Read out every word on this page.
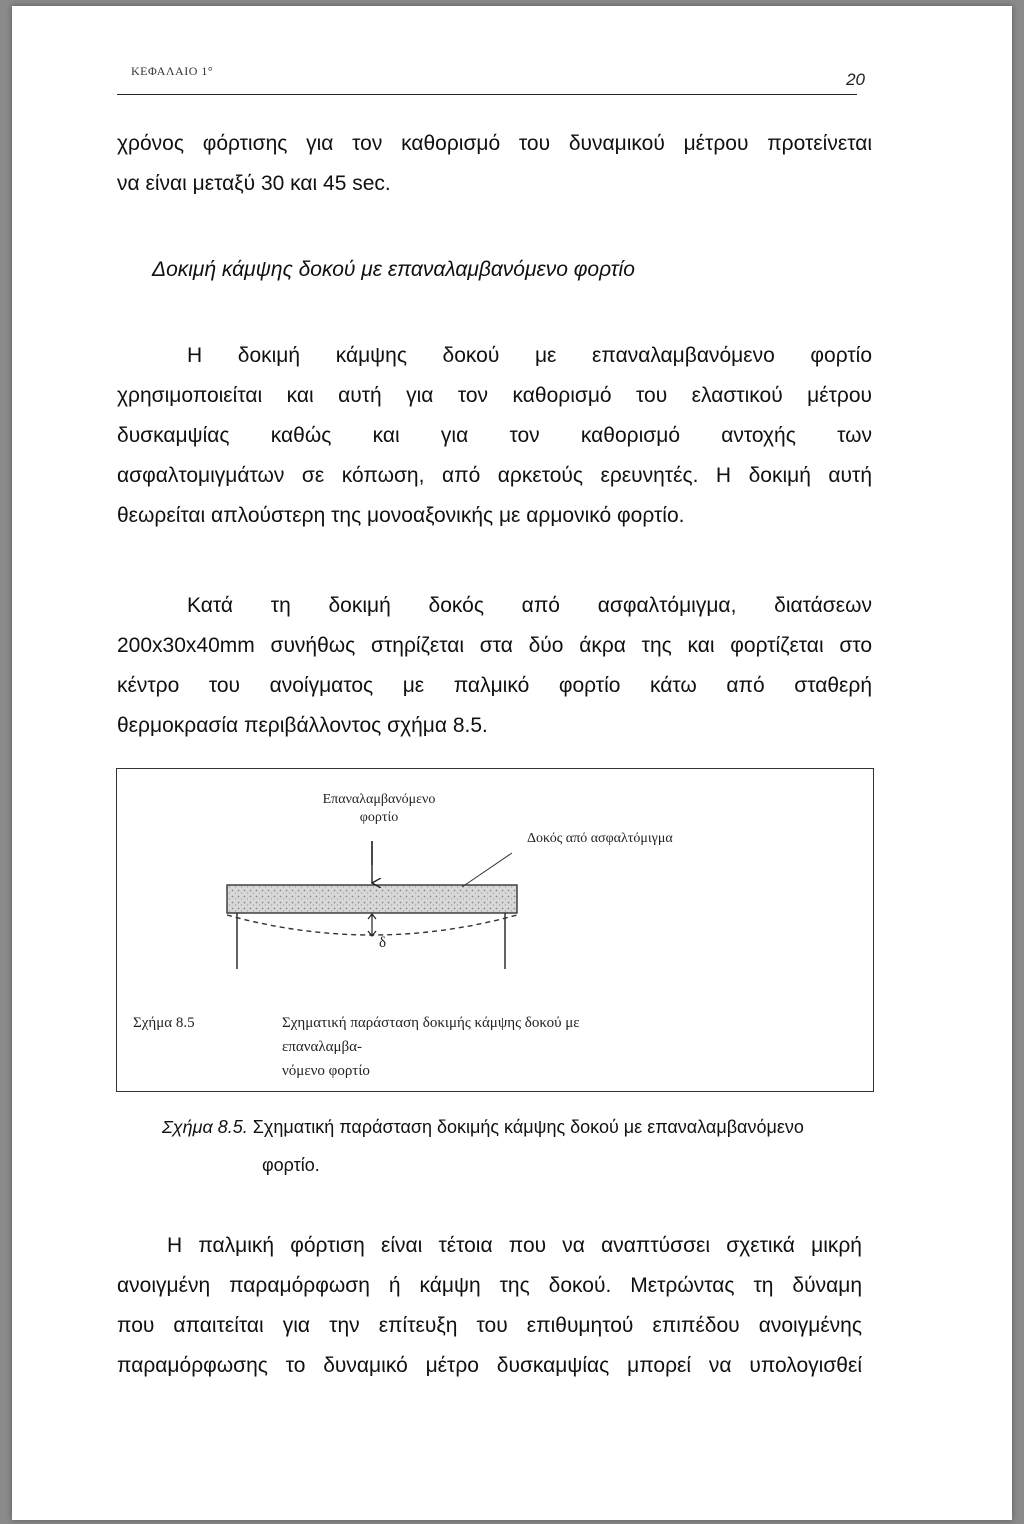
ΚΕΦΑΛΑΙΟ 1°	20
χρόνος φόρτισης για τον καθορισμό του δυναμικού μέτρου προτείνεται
να είναι μεταξύ 30 και 45 sec.
Δοκιμή κάμψης δοκού με επαναλαμβανόμενο φορτίο
Η δοκιμή κάμψης δοκού με επαναλαμβανόμενο φορτίο
χρησιμοποιείται και αυτή για τον καθορισμό του ελαστικού μέτρου
δυσκαμψίας καθώς και για τον καθορισμό αντοχής των
ασφαλτομιγμάτων σε κόπωση, από αρκετούς ερευνητές. Η δοκιμή αυτή
θεωρείται απλούστερη της μονοαξονικής με αρμονικό φορτίο.
Κατά τη δοκιμή δοκός από ασφαλτόμιγμα, διατάσεων
200x30x40mm συνήθως στηρίζεται στα δύο άκρα της και φορτίζεται στο
κέντρο του ανοίγματος με παλμικό φορτίο κάτω από σταθερή
θερμοκρασία περιβάλλοντος σχήμα 8.5.
Επαναλαμβανόμενο
φορτίο
Δοκός από ασφαλτόμιγμα
δ
Σχήμα 8.5	Σχηματική παράσταση δοκιμής κάμψης δοκού με επαναλαμβα-
νόμενο φορτίο
Σχήμα 8.5. Σχηματική παράσταση δοκιμής κάμψης δοκού με επαναλαμβανόμενο
φορτίο.
Η παλμική φόρτιση είναι τέτοια που να αναπτύσσει σχετικά μικρή
ανοιγμένη παραμόρφωση ή κάμψη της δοκού. Μετρώντας τη δύναμη
που απαιτείται για την επίτευξη του επιθυμητού επιπέδου ανοιγμένης
παραμόρφωσης το δυναμικό μέτρο δυσκαμψίας μπορεί να υπολογισθεί
